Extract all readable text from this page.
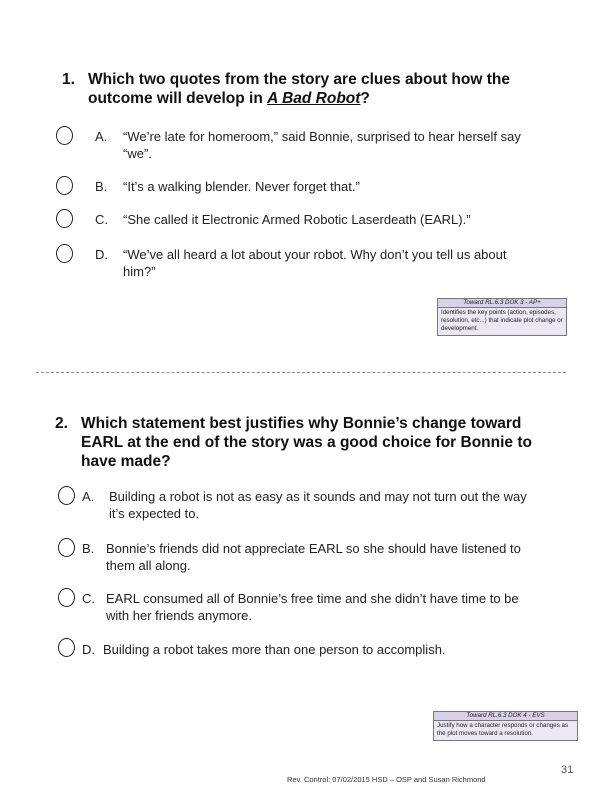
1. Which two quotes from the story are clues about how the outcome will develop in A Bad Robot?
A.	“We’re late for homeroom,” said Bonnie, surprised to hear herself say “we”.
B.	“It’s a walking blender. Never forget that.”
C.	“She called it Electronic Armed Robotic Laserdeath (EARL).”
D.	“We’ve all heard a lot about your robot. Why don’t you tell us about him?”
Toward RL.6.3 DOK 3 - AP+
Identifies the key points (action, episodes, resolution, etc...) that indicate plot change or development.
2. Which statement best justifies why Bonnie’s change toward EARL at the end of the story was a good choice for Bonnie to have made?
A.	Building a robot is not as easy as it sounds and may not turn out the way it’s expected to.
B. Bonnie’s friends did not appreciate EARL so she should have listened to them all along.
C. EARL consumed all of Bonnie’s free time and she didn’t have time to be with her friends anymore.
D. Building a robot takes more than one person to accomplish.
Toward RL.6.3 DOK 4 - EVS
Justify how a character responds or changes as the plot moves toward a resolution.
Rev. Control: 07/02/2015 HSD – OSP and Susan Richmond
31
